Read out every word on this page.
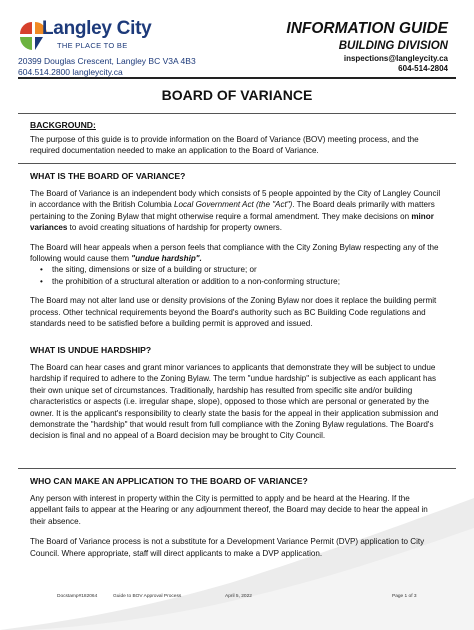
Langley City
THE PLACE TO BE
20399 Douglas Crescent, Langley BC V3A 4B3
604.514.2800 langleycity.ca
INFORMATION GUIDE
BUILDING DIVISION
inspections@langleycity.ca
604-514-2804
BOARD OF VARIANCE
BACKGROUND:
The purpose of this guide is to provide information on the Board of Variance (BOV) meeting process, and the required documentation needed to make an application to the Board of Variance.
WHAT IS THE BOARD OF VARIANCE?
The Board of Variance is an independent body which consists of 5 people appointed by the City of Langley Council in accordance with the British Columbia Local Government Act (the "Act"). The Board deals primarily with matters pertaining to the Zoning Bylaw that might otherwise require a formal amendment. They make decisions on minor variances to avoid creating situations of hardship for property owners.
The Board will hear appeals when a person feels that compliance with the City Zoning Bylaw respecting any of the following would cause them "undue hardship".
• the siting, dimensions or size of a building or structure; or
• the prohibition of a structural alteration or addition to a non-conforming structure;
The Board may not alter land use or density provisions of the Zoning Bylaw nor does it replace the building permit process. Other technical requirements beyond the Board's authority such as BC Building Code regulations and standards need to be satisfied before a building permit is approved and issued.
WHAT IS UNDUE HARDSHIP?
The Board can hear cases and grant minor variances to applicants that demonstrate they will be subject to undue hardship if required to adhere to the Zoning Bylaw. The term "undue hardship" is subjective as each applicant has their own unique set of circumstances. Traditionally, hardship has resulted from specific site and/or building characteristics or aspects (i.e. irregular shape, slope), opposed to those which are personal or generated by the owner. It is the applicant's responsibility to clearly state the basis for the appeal in their application submission and demonstrate the "hardship" that would result from full compliance with the Zoning Bylaw regulations. The Board's decision is final and no appeal of a Board decision may be brought to City Council.
WHO CAN MAKE AN APPLICATION TO THE BOARD OF VARIANCE?
Any person with interest in property within the City is permitted to apply and be heard at the Hearing. If the appellant fails to appear at the Hearing or any adjournment thereof, the Board may decide to hear the appeal in their absence.
The Board of Variance process is not a substitute for a Development Variance Permit (DVP) application to City Council. Where appropriate, staff will direct applicants to make a DVP application.
Docstamp#182064	Guide to BOV Approval Process	April 5, 2022	Page 1 of 3
